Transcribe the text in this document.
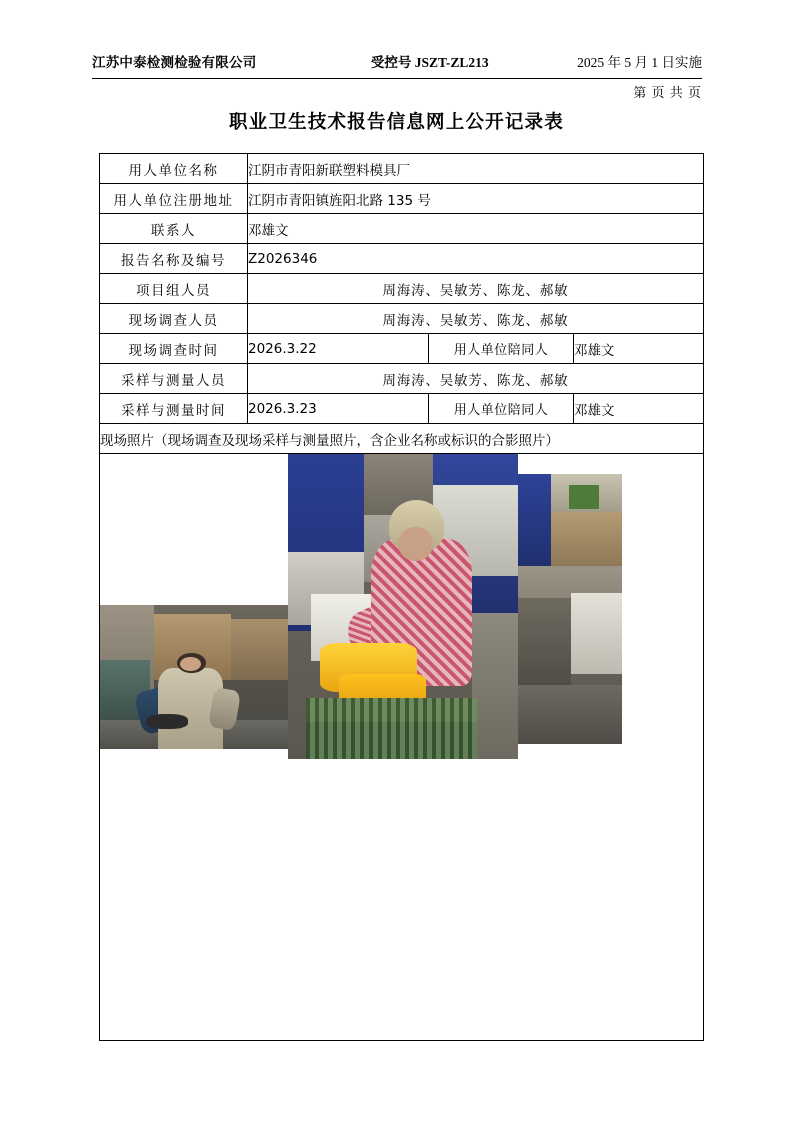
江苏中泰检测检验有限公司	受控号 JSZT-ZL213	2025 年 5 月 1 日实施
第 页 共 页
职业卫生技术报告信息网上公开记录表
用人单位名称	江阴市青阳新联塑料模具厂		
用人单位注册地址	江阴市青阳镇旌阳北路 135 号		
联系人	邓雄文		
报告名称及编号	Z2026346		
项目组人员	周海涛、吴敏芳、陈龙、郝敏		
现场调查人员	周海涛、吴敏芳、陈龙、郝敏		
现场调查时间	2026.3.22	用人单位陪同人	邓雄文
采样与测量人员	周海涛、吴敏芳、陈龙、郝敏		
采样与测量时间	2026.3.23	用人单位陪同人	邓雄文
现场照片（现场调查及现场采样与测量照片，含企业名称或标识的合影照片）			
